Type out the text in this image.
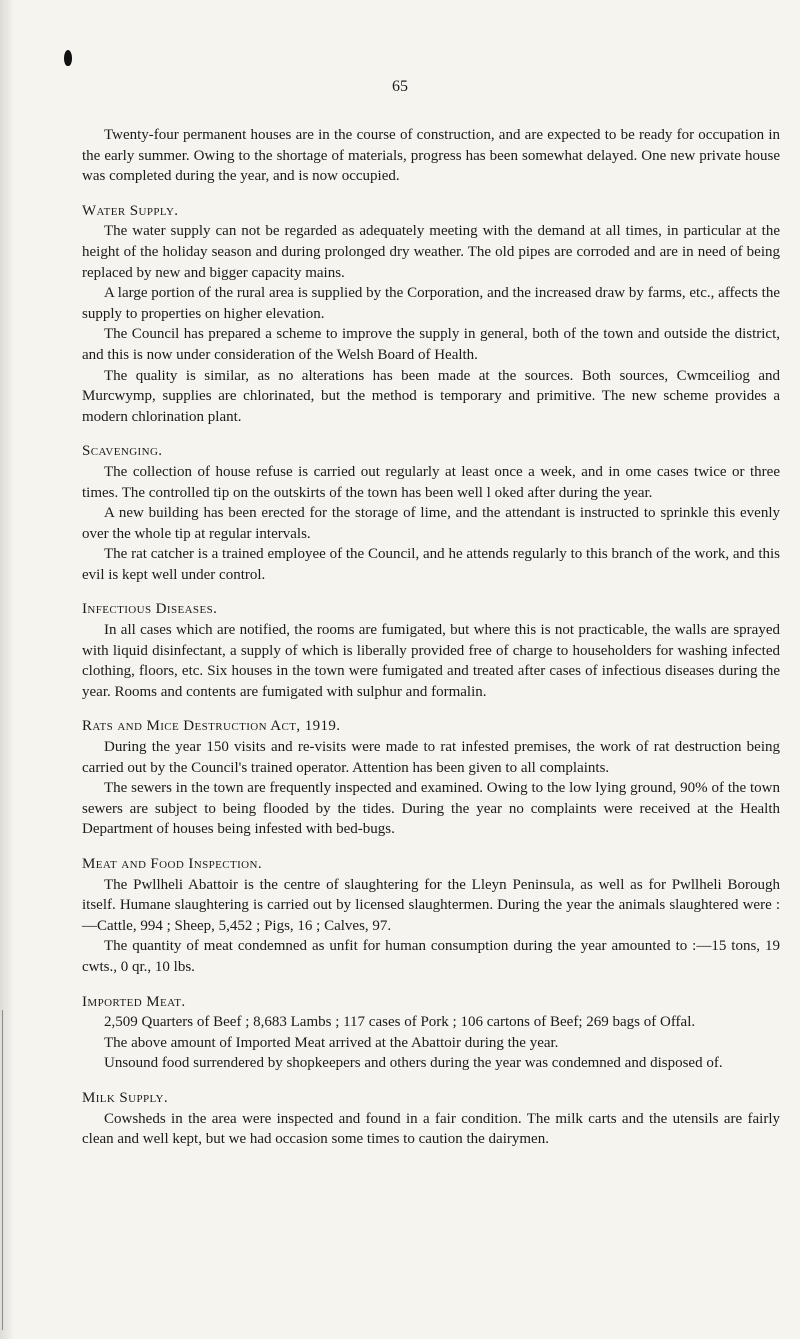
65

Twenty-four permanent houses are in the course of construction, and are expected to be ready for occupation in the early summer. Owing to the shortage of materials, progress has been somewhat delayed. One new private house was completed during the year, and is now occupied.

Water Supply.

The water supply can not be regarded as adequately meeting with the demand at all times, in particular at the height of the holiday season and during prolonged dry weather. The old pipes are corroded and are in need of being replaced by new and bigger capacity mains.

A large portion of the rural area is supplied by the Corporation, and the increased draw by farms, etc., affects the supply to properties on higher elevation.

The Council has prepared a scheme to improve the supply in general, both of the town and outside the district, and this is now under consideration of the Welsh Board of Health.

The quality is similar, as no alterations has been made at the sources. Both sources, Cwmceiliog and Murcwymp, supplies are chlorinated, but the method is temporary and primitive. The new scheme provides a modern chlorination plant.

Scavenging.

The collection of house refuse is carried out regularly at least once a week, and in ome cases twice or three times. The controlled tip on the outskirts of the town has been well l oked after during the year.

A new building has been erected for the storage of lime, and the attendant is instructed to sprinkle this evenly over the whole tip at regular intervals.

The rat catcher is a trained employee of the Council, and he attends regularly to this branch of the work, and this evil is kept well under control.

Infectious Diseases.

In all cases which are notified, the rooms are fumigated, but where this is not practicable, the walls are sprayed with liquid disinfectant, a supply of which is liberally provided free of charge to householders for washing infected clothing, floors, etc. Six houses in the town were fumigated and treated after cases of infectious diseases during the year. Rooms and contents are fumigated with sulphur and formalin.

Rats and Mice Destruction Act, 1919.

During the year 150 visits and re-visits were made to rat infested premises, the work of rat destruction being carried out by the Council's trained operator. Attention has been given to all complaints.

The sewers in the town are frequently inspected and examined. Owing to the low lying ground, 90% of the town sewers are subject to being flooded by the tides. During the year no complaints were received at the Health Department of houses being infested with bed-bugs.

Meat and Food Inspection.

The Pwllheli Abattoir is the centre of slaughtering for the Lleyn Peninsula, as well as for Pwllheli Borough itself. Humane slaughtering is carried out by licensed slaughtermen. During the year the animals slaughtered were :—Cattle, 994 ; Sheep, 5,452 ; Pigs, 16 ; Calves, 97.

The quantity of meat condemned as unfit for human consumption during the year amounted to :—15 tons, 19 cwts., 0 qr., 10 lbs.

Imported Meat.

2,509 Quarters of Beef ; 8,683 Lambs ; 117 cases of Pork ; 106 cartons of Beef; 269 bags of Offal.

The above amount of Imported Meat arrived at the Abattoir during the year.

Unsound food surrendered by shopkeepers and others during the year was condemned and disposed of.

Milk Supply.

Cowsheds in the area were inspected and found in a fair condition. The milk carts and the utensils are fairly clean and well kept, but we had occasion some times to caution the dairymen.
